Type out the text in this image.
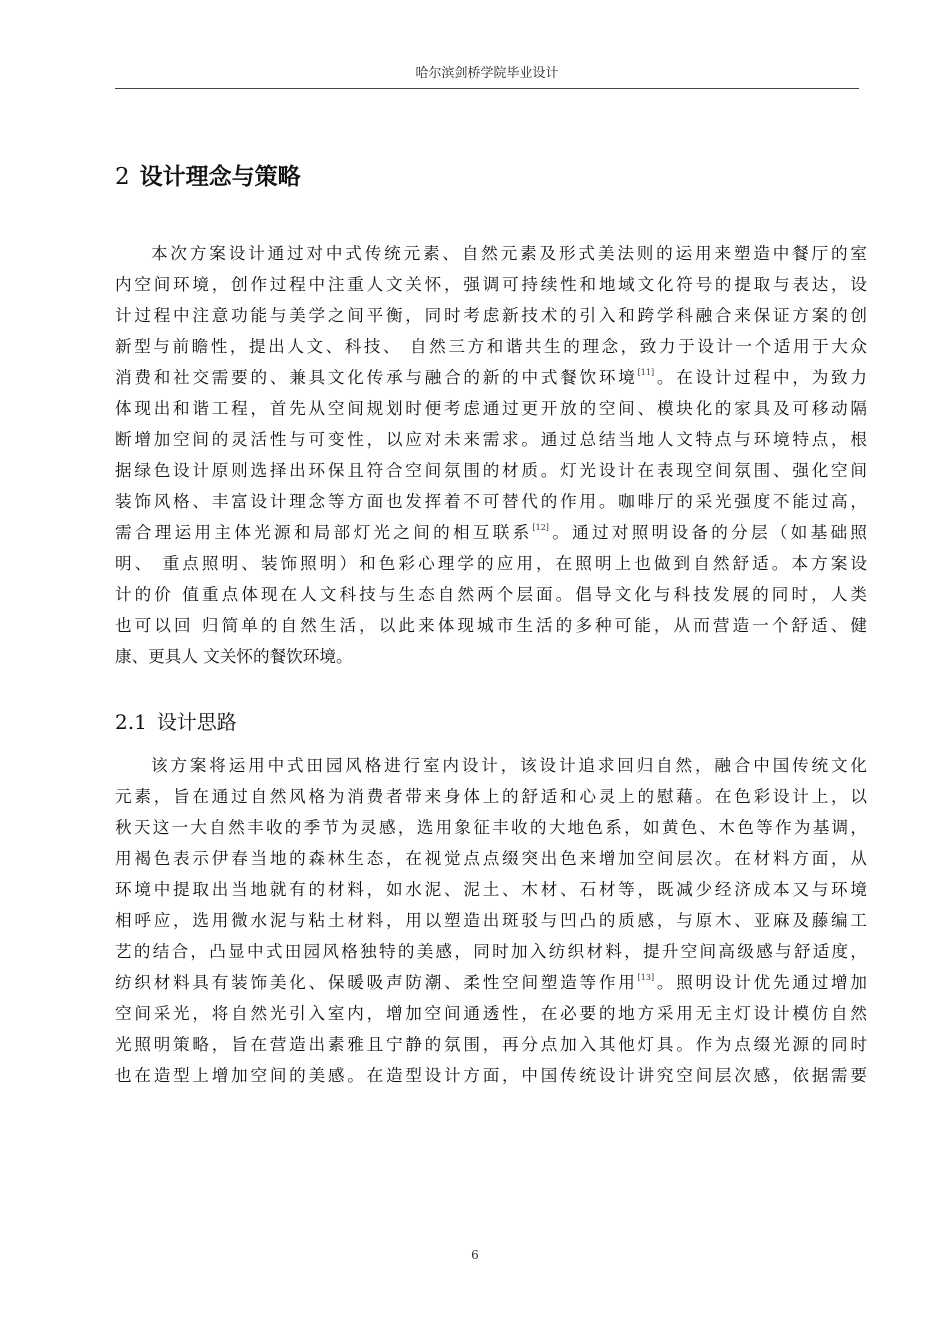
哈尔滨剑桥学院毕业设计
2 设计理念与策略
本次方案设计通过对中式传统元素、自然元素及形式美法则的运用来塑造中餐厅的室
内空间环境，创作过程中注重人文关怀，强调可持续性和地域文化符号的提取与表达，设
计过程中注意功能与美学之间平衡，同时考虑新技术的引入和跨学科融合来保证方案的创
新型与前瞻性，提出人文、科技、 自然三方和谐共生的理念，致力于设计一个适用于大众
消费和社交需要的、兼具文化传承与融合的新的中式餐饮环境[11]。在设计过程中，为致力
体现出和谐工程，首先从空间规划时便考虑通过更开放的空间、模块化的家具及可移动隔
断增加空间的灵活性与可变性，以应对未来需求。通过总结当地人文特点与环境特点，根
据绿色设计原则选择出环保且符合空间氛围的材质。灯光设计在表现空间氛围、强化空间
装饰风格、丰富设计理念等方面也发挥着不可替代的作用。咖啡厅的采光强度不能过高，
需合理运用主体光源和局部灯光之间的相互联系[12]。通过对照明设备的分层（如基础照
明、 重点照明、装饰照明）和色彩心理学的应用，在照明上也做到自然舒适。本方案设
计的价 值重点体现在人文科技与生态自然两个层面。倡导文化与科技发展的同时，人类
也可以回 归简单的自然生活，以此来体现城市生活的多种可能，从而营造一个舒适、健
康、更具人 文关怀的餐饮环境。
2.1 设计思路
该方案将运用中式田园风格进行室内设计，该设计追求回归自然，融合中国传统文化
元素，旨在通过自然风格为消费者带来身体上的舒适和心灵上的慰藉。在色彩设计上，以
秋天这一大自然丰收的季节为灵感，选用象征丰收的大地色系，如黄色、木色等作为基调，
用褐色表示伊春当地的森林生态，在视觉点点缀突出色来增加空间层次。在材料方面，从
环境中提取出当地就有的材料，如水泥、泥土、木材、石材等，既减少经济成本又与环境
相呼应，选用微水泥与粘土材料，用以塑造出斑驳与凹凸的质感，与原木、亚麻及藤编工
艺的结合，凸显中式田园风格独特的美感，同时加入纺织材料，提升空间高级感与舒适度，
纺织材料具有装饰美化、保暖吸声防潮、柔性空间塑造等作用[13]。照明设计优先通过增加
空间采光，将自然光引入室内，增加空间通透性，在必要的地方采用无主灯设计模仿自然
光照明策略，旨在营造出素雅且宁静的氛围，再分点加入其他灯具。作为点缀光源的同时
也在造型上增加空间的美感。在造型设计方面，中国传统设计讲究空间层次感，依据需要
6
